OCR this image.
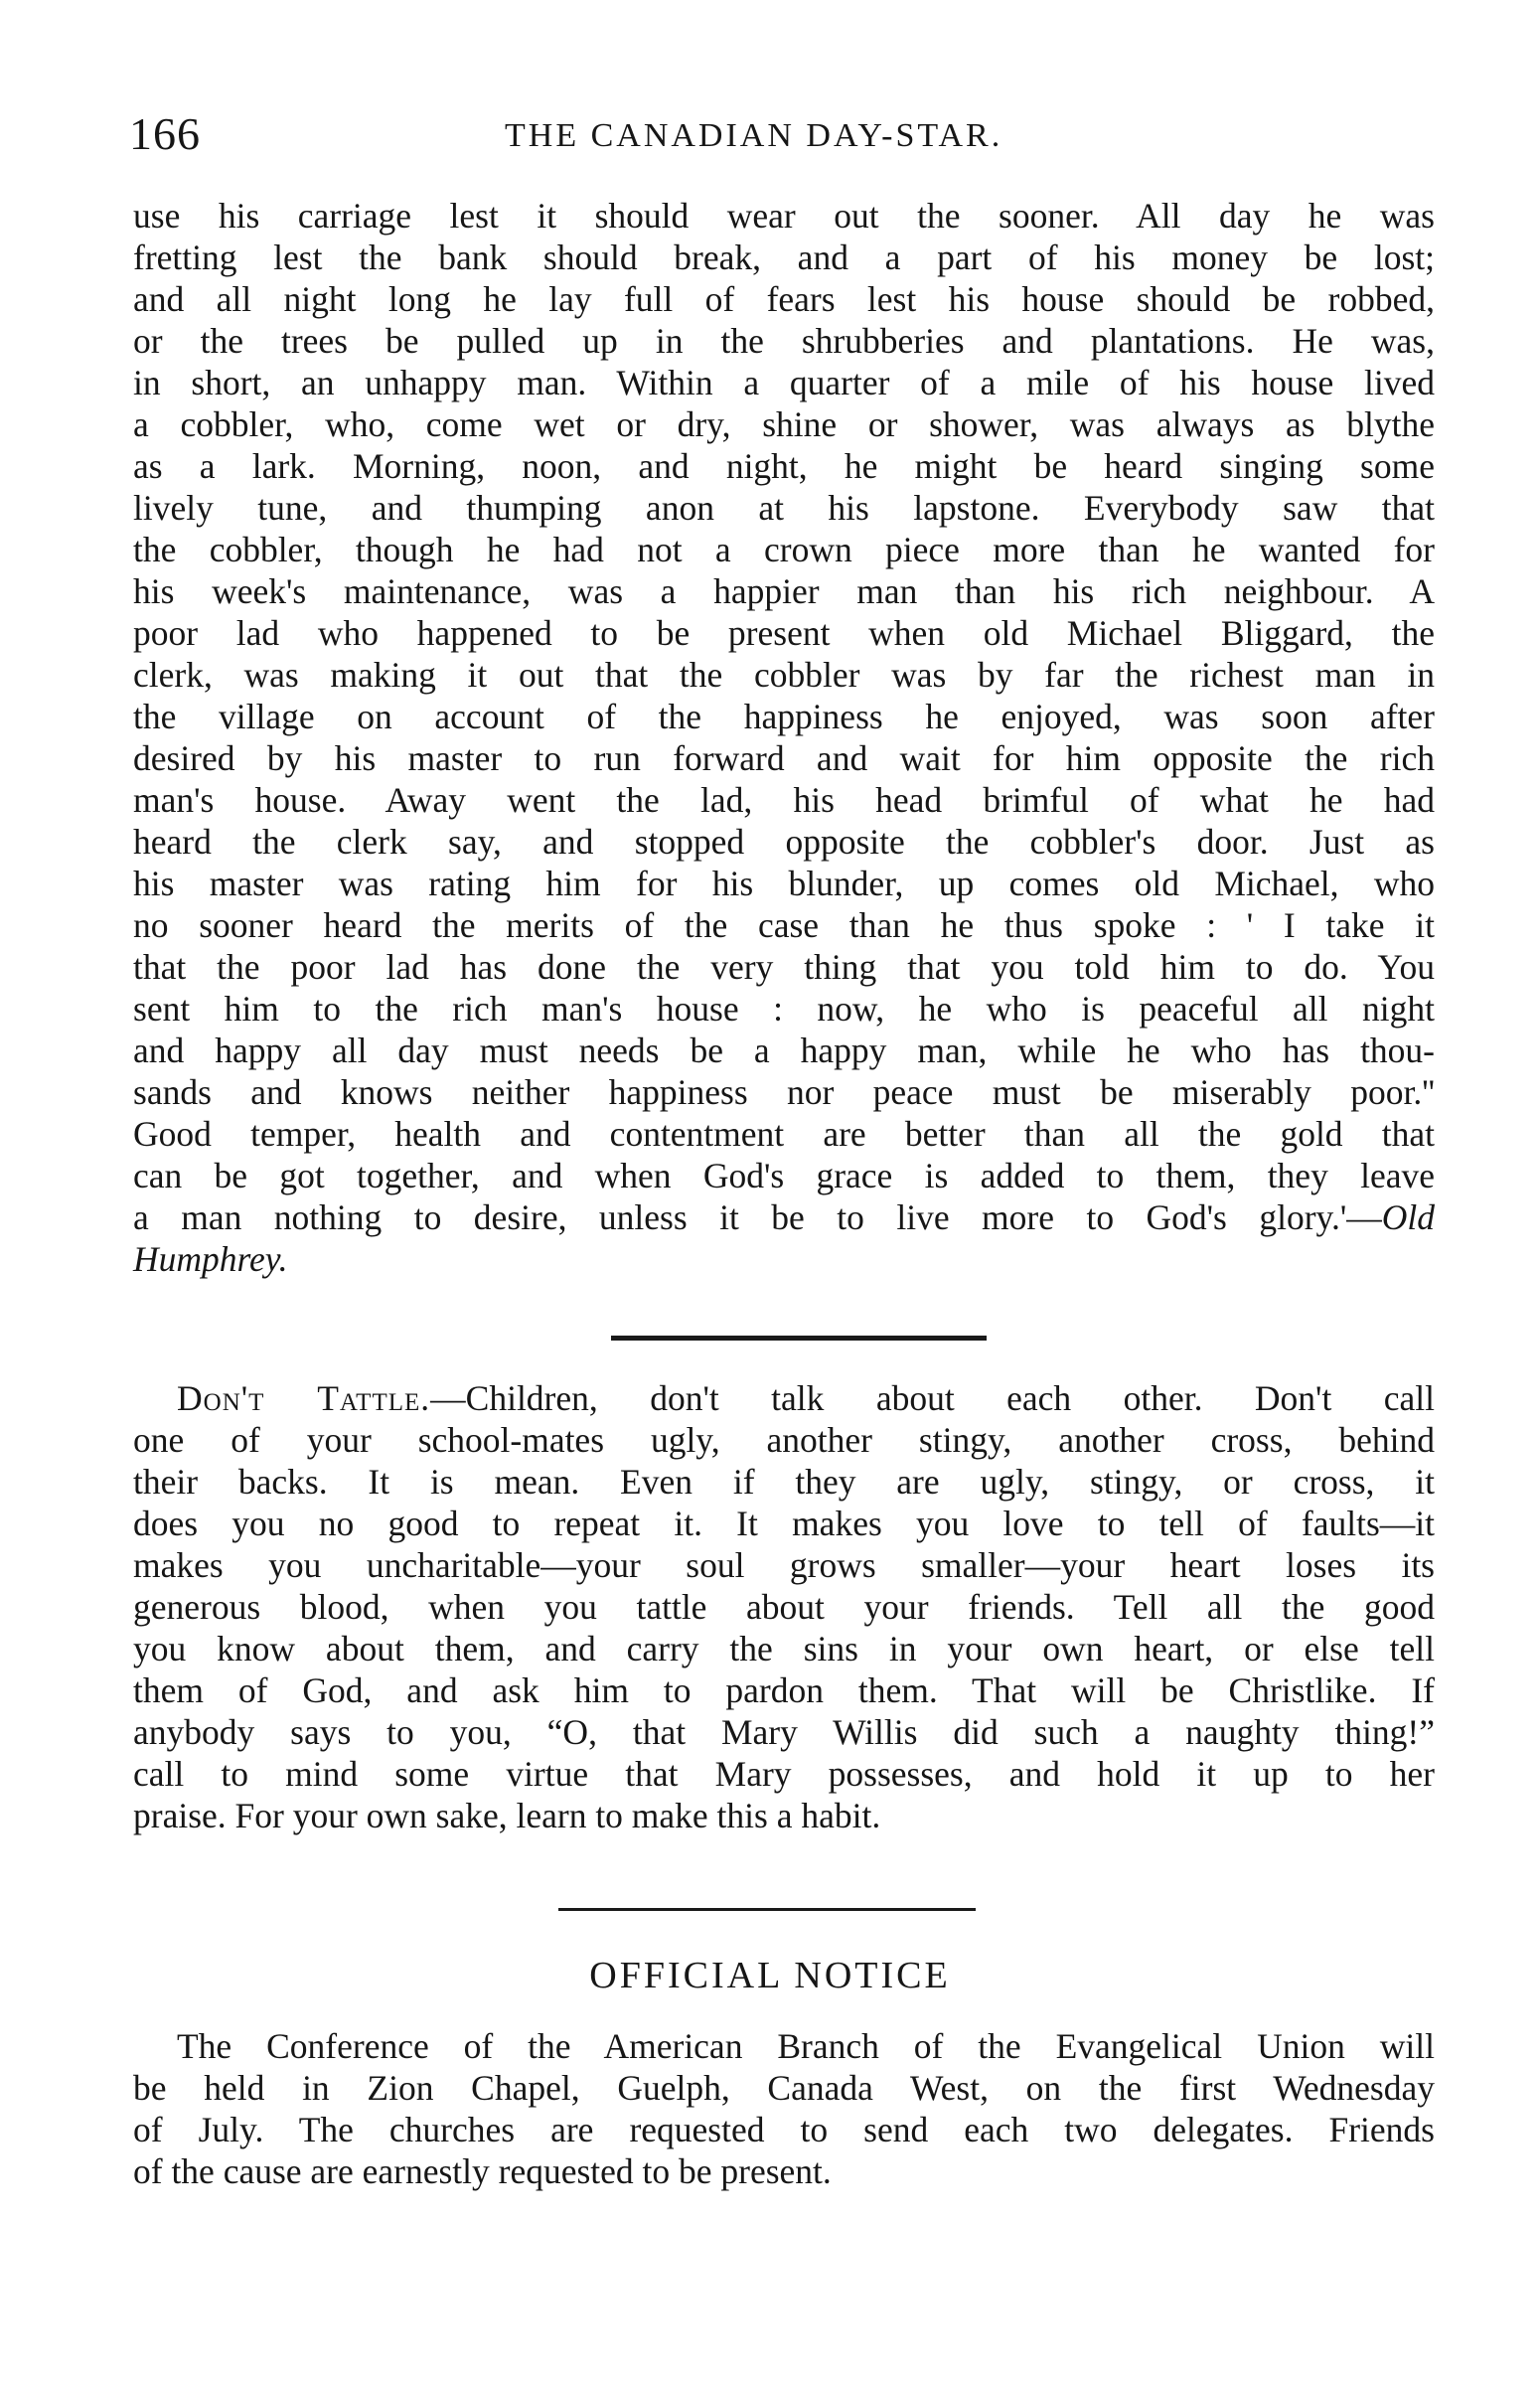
166	THE CANADIAN DAY-STAR.
use his carriage lest it should wear out the sooner. All day he was
fretting lest the bank should break, and a part of his money be lost;
and all night long he lay full of fears lest his house should be robbed,
or the trees be pulled up in the shrubberies and plantations. He was,
in short, an unhappy man. Within a quarter of a mile of his house lived
a cobbler, who, come wet or dry, shine or shower, was always as blythe
as a lark. Morning, noon, and night, he might be heard singing some
lively tune, and thumping anon at his lapstone. Everybody saw that
the cobbler, though he had not a crown piece more than he wanted for
his week's maintenance, was a happier man than his rich neighbour. A
poor lad who happened to be present when old Michael Bliggard, the
clerk, was making it out that the cobbler was by far the richest man in
the village on account of the happiness he enjoyed, was soon after
desired by his master to run forward and wait for him opposite the rich
man's house. Away went the lad, his head brimful of what he had
heard the clerk say, and stopped opposite the cobbler's door. Just as
his master was rating him for his blunder, up comes old Michael, who
no sooner heard the merits of the case than he thus spoke : ' I take it
that the poor lad has done the very thing that you told him to do. You
sent him to the rich man's house : now, he who is peaceful all night
and happy all day must needs be a happy man, while he who has thou-
sands and knows neither happiness nor peace must be miserably poor.''
Good temper, health and contentment are better than all the gold that
can be got together, and when God's grace is added to them, they leave
a man nothing to desire, unless it be to live more to God's glory.'—Old
Humphrey.
Don't Tattle.—Children, don't talk about each other. Don't call
one of your school-mates ugly, another stingy, another cross, behind
their backs. It is mean. Even if they are ugly, stingy, or cross, it
does you no good to repeat it. It makes you love to tell of faults—it
makes you uncharitable—your soul grows smaller—your heart loses its
generous blood, when you tattle about your friends. Tell all the good
you know about them, and carry the sins in your own heart, or else tell
them of God, and ask him to pardon them. That will be Christlike. If
anybody says to you, “O, that Mary Willis did such a naughty thing!”
call to mind some virtue that Mary possesses, and hold it up to her
praise. For your own sake, learn to make this a habit.
OFFICIAL NOTICE
The Conference of the American Branch of the Evangelical Union will
be held in Zion Chapel, Guelph, Canada West, on the first Wednesday
of July. The churches are requested to send each two delegates. Friends
of the cause are earnestly requested to be present.
